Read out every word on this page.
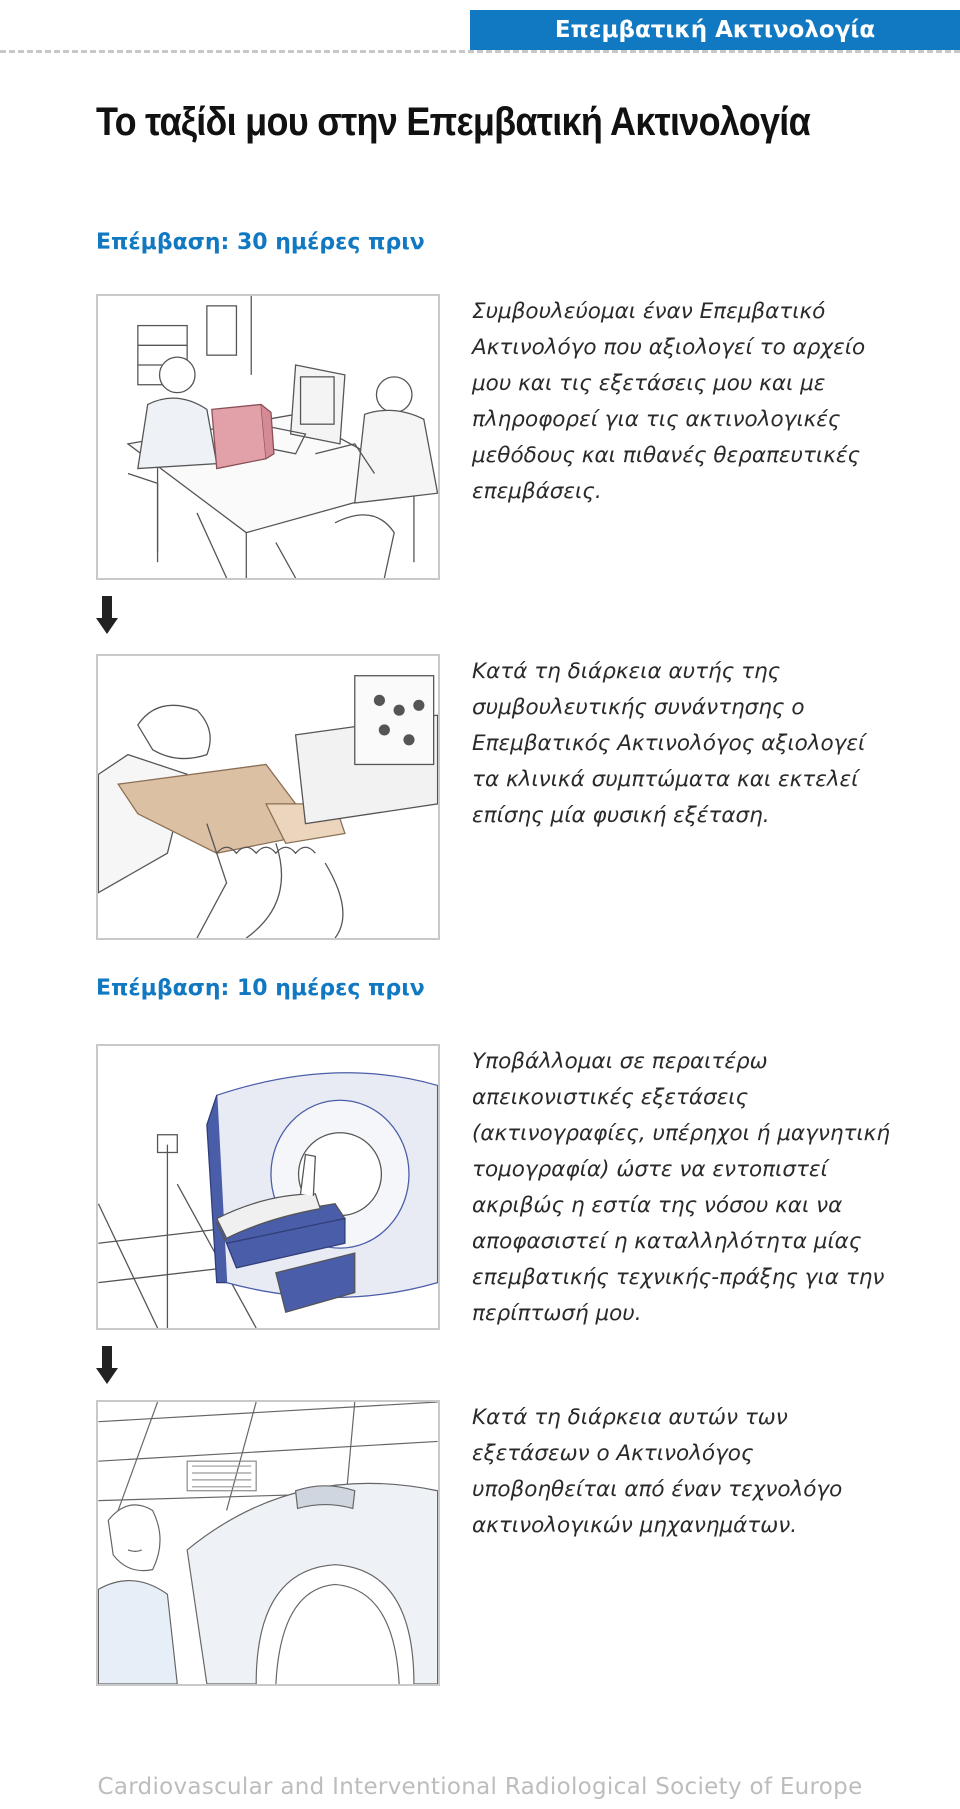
Επεμβατική Ακτινολογία
Το ταξίδι μου στην Επεμβατική Ακτινολογία
Επέμβαση: 30 ημέρες πριν

Συμβουλεύομαι έναν Επεμβατικό Ακτινολόγο που αξιολογεί το αρχείο μου και τις εξετάσεις μου και με πληροφορεί για τις ακτινολογικές μεθόδους και πιθανές θεραπευτικές επεμβάσεις.

Κατά τη διάρκεια αυτής της συμβουλευτικής συνάντησης ο Επεμβατικός Ακτινολόγος αξιολογεί τα κλινικά συμπτώματα και εκτελεί επίσης μία φυσική εξέταση.

Επέμβαση: 10 ημέρες πριν

Υποβάλλομαι σε περαιτέρω απεικονιστικές εξετάσεις (ακτινογραφίες, υπέρηχοι ή μαγνητική τομογραφία) ώστε να εντοπιστεί ακριβώς η εστία της νόσου και να αποφασιστεί η καταλληλότητα μίας επεμβατικής τεχνικής-πράξης για την περίπτωσή μου.

Κατά τη διάρκεια αυτών των εξετάσεων ο Ακτινολόγος υποβοηθείται από έναν τεχνολόγο ακτινολογικών μηχανημάτων.

Cardiovascular and Interventional Radiological Society of Europe
